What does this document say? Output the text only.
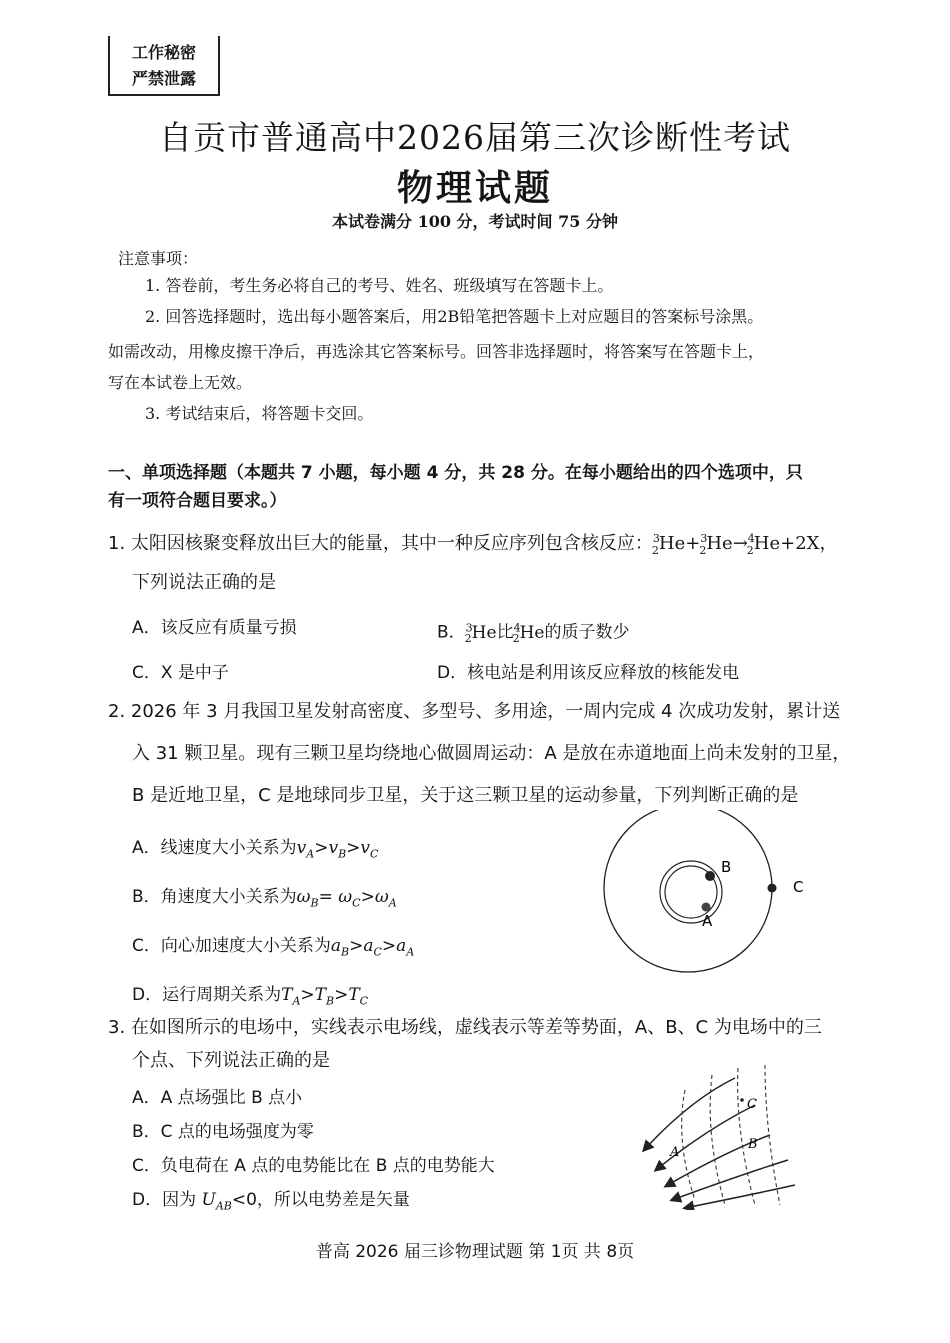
工作秘密
严禁泄露
自贡市普通高中2026届第三次诊断性考试
物理试题
本试卷满分 100 分，考试时间 75 分钟
注意事项：
1. 答卷前，考生务必将自己的考号、姓名、班级填写在答题卡上。
2. 回答选择题时，选出每小题答案后，用2B铅笔把答题卡上对应题目的答案标号涂黑。
如需改动，用橡皮擦干净后，再选涂其它答案标号。回答非选择题时，将答案写在答题卡上，
写在本试卷上无效。
3. 考试结束后，将答题卡交回。
一、单项选择题（本题共 7 小题，每小题 4 分，共 28 分。在每小题给出的四个选项中，只
有一项符合题目要求。）
1. 太阳因核聚变释放出巨大的能量，其中一种反应序列包含核反应：$^3_2$He+$^3_2$He→$^4_2$He+2X，
下列说法正确的是
A．该反应有质量亏损	B．$^3_2$He比$^4_2$He的质子数少
C．X 是中子	D．核电站是利用该反应释放的核能发电
2. 2026 年 3 月我国卫星发射高密度、多型号、多用途，一周内完成 4 次成功发射，累计送
入 31 颗卫星。现有三颗卫星均绕地心做圆周运动：A 是放在赤道地面上尚未发射的卫星，
B 是近地卫星，C 是地球同步卫星，关于这三颗卫星的运动参量，下列判断正确的是
A．线速度大小关系为$v_A>v_B>v_C$
B．角速度大小关系为$\omega_B= \omega_C>\omega_A$
C．向心加速度大小关系为$a_B>a_C>a_A$
D．运行周期关系为$T_A>T_B>T_C$
B
A
C
3. 在如图所示的电场中，实线表示电场线，虚线表示等差等势面，A、B、C 为电场中的三
个点、下列说法正确的是
A．A 点场强比 B 点小
B．C 点的电场强度为零
C．负电荷在 A 点的电势能比在 B 点的电势能大
D．因为 $U_{AB}<0$，所以电势差是矢量
C
B
A
普高 2026 届三诊物理试题 第 1页 共 8页
